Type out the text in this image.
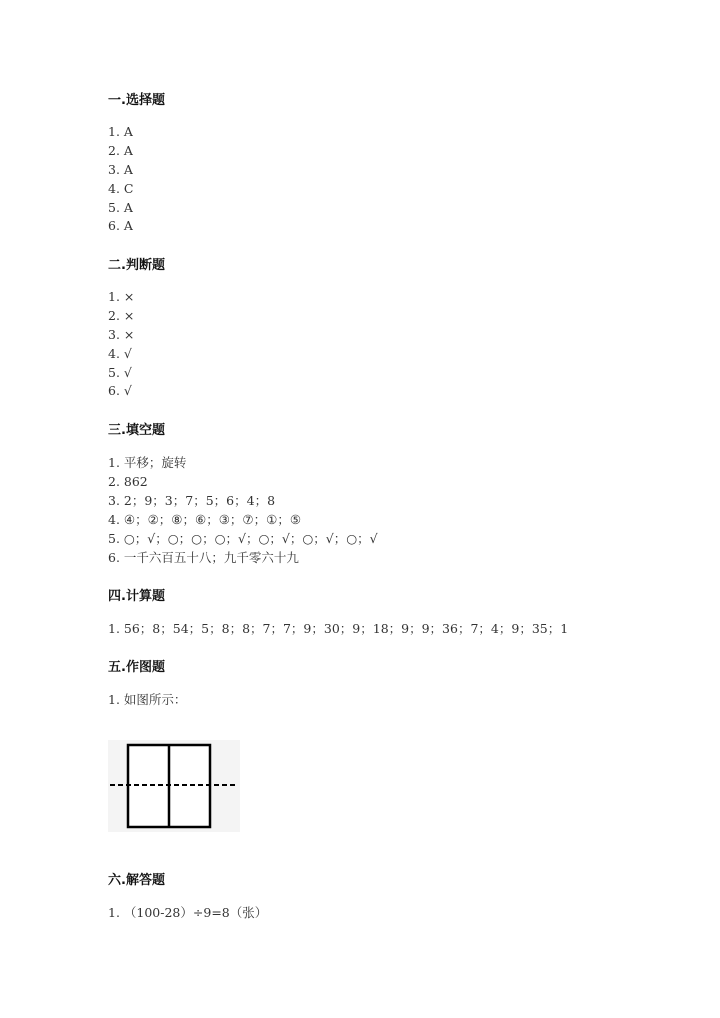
一.选择题
1. A
2. A
3. A
4. C
5. A
6. A
二.判断题
1. ×
2. ×
3. ×
4. √
5. √
6. √
三.填空题
1. 平移；旋转
2. 862
3. 2；9；3；7；5；6；4；8
4. ④；②；⑧；⑥；③；⑦；①；⑤
5. ○；√；○；○；○；√；○；√；○；√；○；√
6. 一千六百五十八；九千零六十九
四.计算题
1. 56；8；54；5；8；8；7；7；9；30；9；18；9；9；36；7；4；9；35；1
五.作图题
1. 如图所示：
六.解答题
1. （100-28）÷9=8（张）
